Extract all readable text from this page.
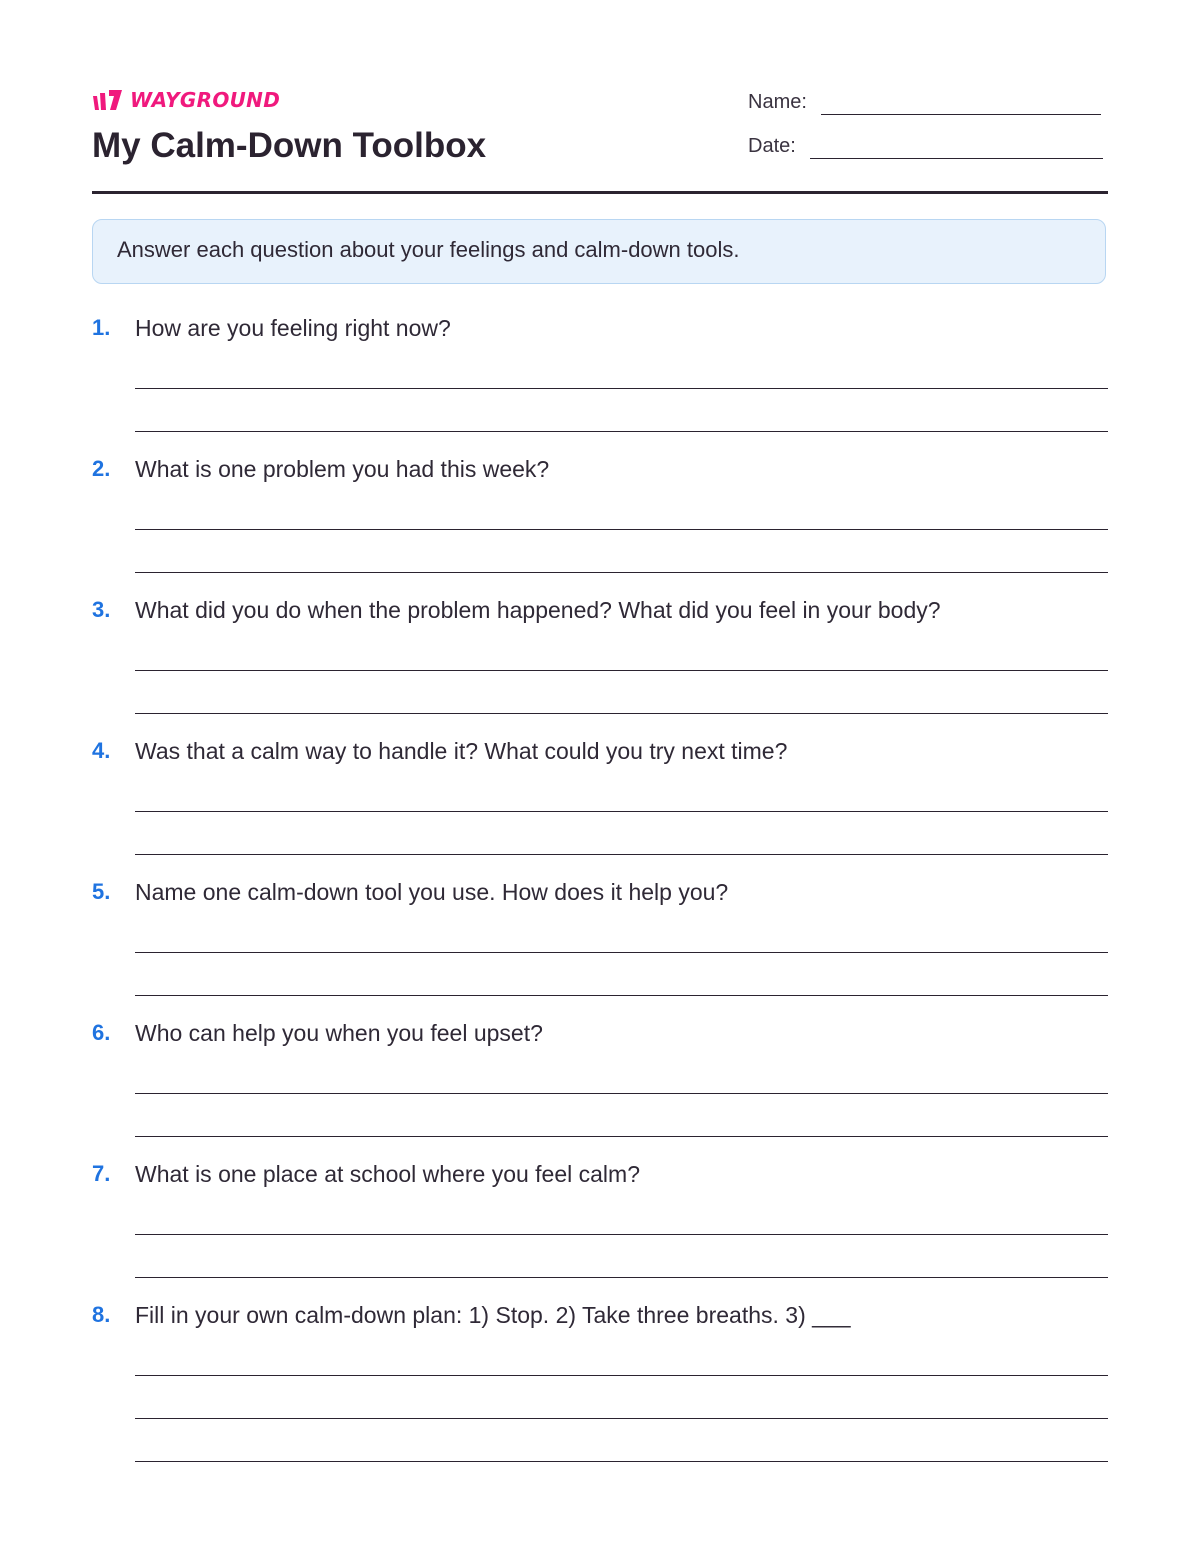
WAYGROUND
My Calm-Down Toolbox
Name:
Date:
Answer each question about your feelings and calm-down tools.
1. How are you feeling right now?
2. What is one problem you had this week?
3. What did you do when the problem happened? What did you feel in your body?
4. Was that a calm way to handle it? What could you try next time?
5. Name one calm-down tool you use. How does it help you?
6. Who can help you when you feel upset?
7. What is one place at school where you feel calm?
8. Fill in your own calm-down plan: 1) Stop. 2) Take three breaths. 3) ___
